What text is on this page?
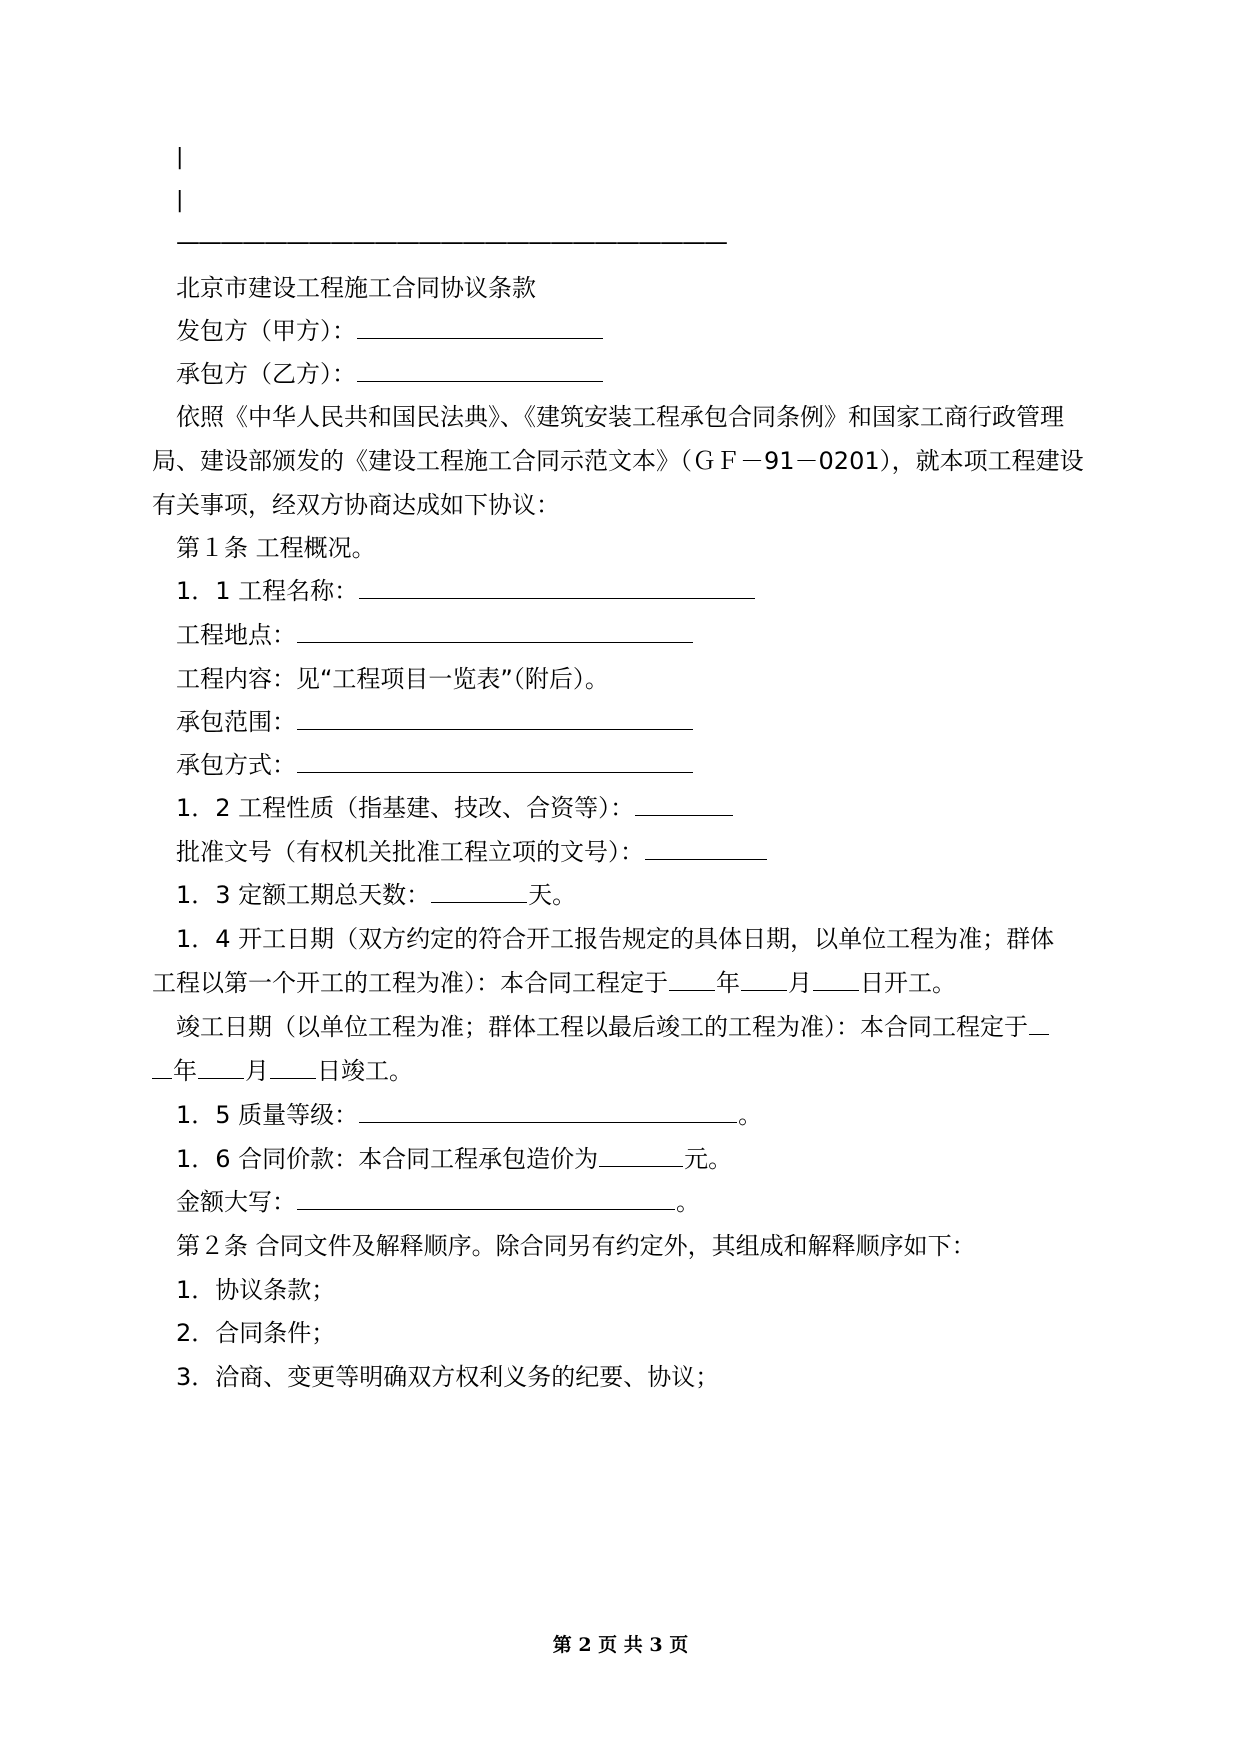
|
|
—————————————————————————
北京市建设工程施工合同协议条款
发包方（甲方）：
承包方（乙方）：
依照《中华人民共和国民法典》、《建筑安装工程承包合同条例》和国家工商行政管理
局、建设部颁发的《建设工程施工合同示范文本》（ＧＦ－91－0201），就本项工程建设
有关事项，经双方协商达成如下协议：
第１条 工程概况。
1．1 工程名称：
工程地点：
工程内容：见“工程项目一览表”（附后）。
承包范围：
承包方式：
1．2 工程性质（指基建、技改、合资等）：
批准文号（有权机关批准工程立项的文号）：
1．3 定额工期总天数：	天。
1．4 开工日期（双方约定的符合开工报告规定的具体日期，以单位工程为准；群体
工程以第一个开工的工程为准）：本合同工程定于 年 月 日开工。
竣工日期（以单位工程为准；群体工程以最后竣工的工程为准）：本合同工程定于
年 月 日竣工。
1．5 质量等级：	。
1．6 合同价款：本合同工程承包造价为	元。
金额大写：	。
第２条 合同文件及解释顺序。除合同另有约定外，其组成和解释顺序如下：
1．协议条款；
2．合同条件；
3．洽商、变更等明确双方权利义务的纪要、协议；
第 2 页 共 3 页
